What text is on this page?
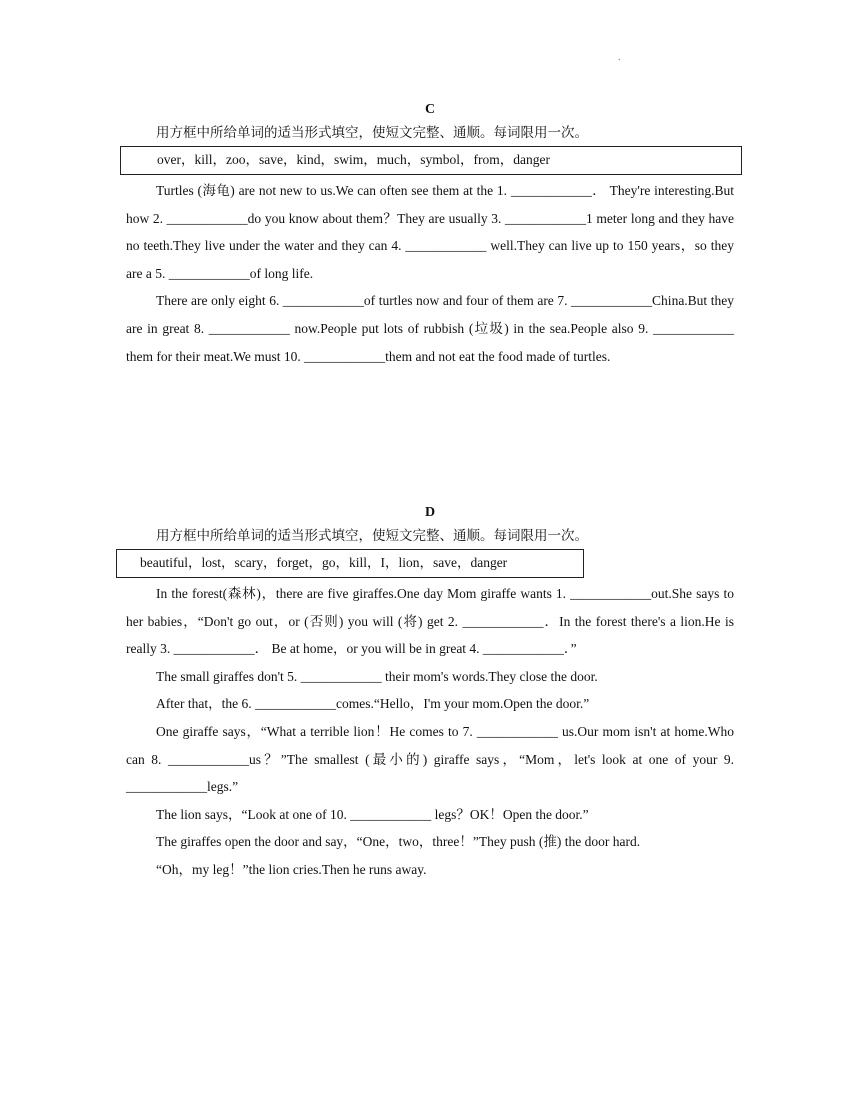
.
C
用方框中所给单词的适当形式填空，使短文完整、通顺。每词限用一次。
over，kill，zoo，save，kind，swim，much，symbol，from，danger

Turtles (海龟) are not new to us.We can often see them at the 1. ____________． They're interesting.But how 2. ____________do you know about them？They are usually 3. ____________1 meter long and they have no teeth.They live under the water and they can 4. ____________ well.They can live up to 150 years，so they are a 5. ____________of long life.

There are only eight 6. ____________of turtles now and four of them are 7. ____________China.But they are in great 8. ____________ now.People put lots of rubbish (垃圾) in the sea.People also 9. ____________ them for their meat.We must 10. ____________them and not eat the food made of turtles.

D
用方框中所给单词的适当形式填空，使短文完整、通顺。每词限用一次。
beautiful，lost，scary，forget，go，kill，I，lion，save，danger

In the forest(森林)，there are five giraffes.One day Mom giraffe wants 1. ____________out.She says to her babies，“Don't go out，or (否则) you will (将) get 2. ____________．In the forest there's a lion.He is really 3. ____________． Be at home，or you will be in great 4. ____________．”

The small giraffes don't 5. ____________ their mom's words.They close the door.

After that，the 6. ____________comes.“Hello，I'm your mom.Open the door.”

One giraffe says，“What a terrible lion！He comes to 7. ____________ us.Our mom isn't at home.Who can 8. ____________us？”The smallest (最小的) giraffe says，“Mom，let's look at one of your 9. ____________legs.”

The lion says，“Look at one of 10. ____________ legs？OK！Open the door.”

The giraffes open the door and say，“One，two，three！”They push (推) the door hard.

“Oh，my leg！”the lion cries.Then he runs away.
